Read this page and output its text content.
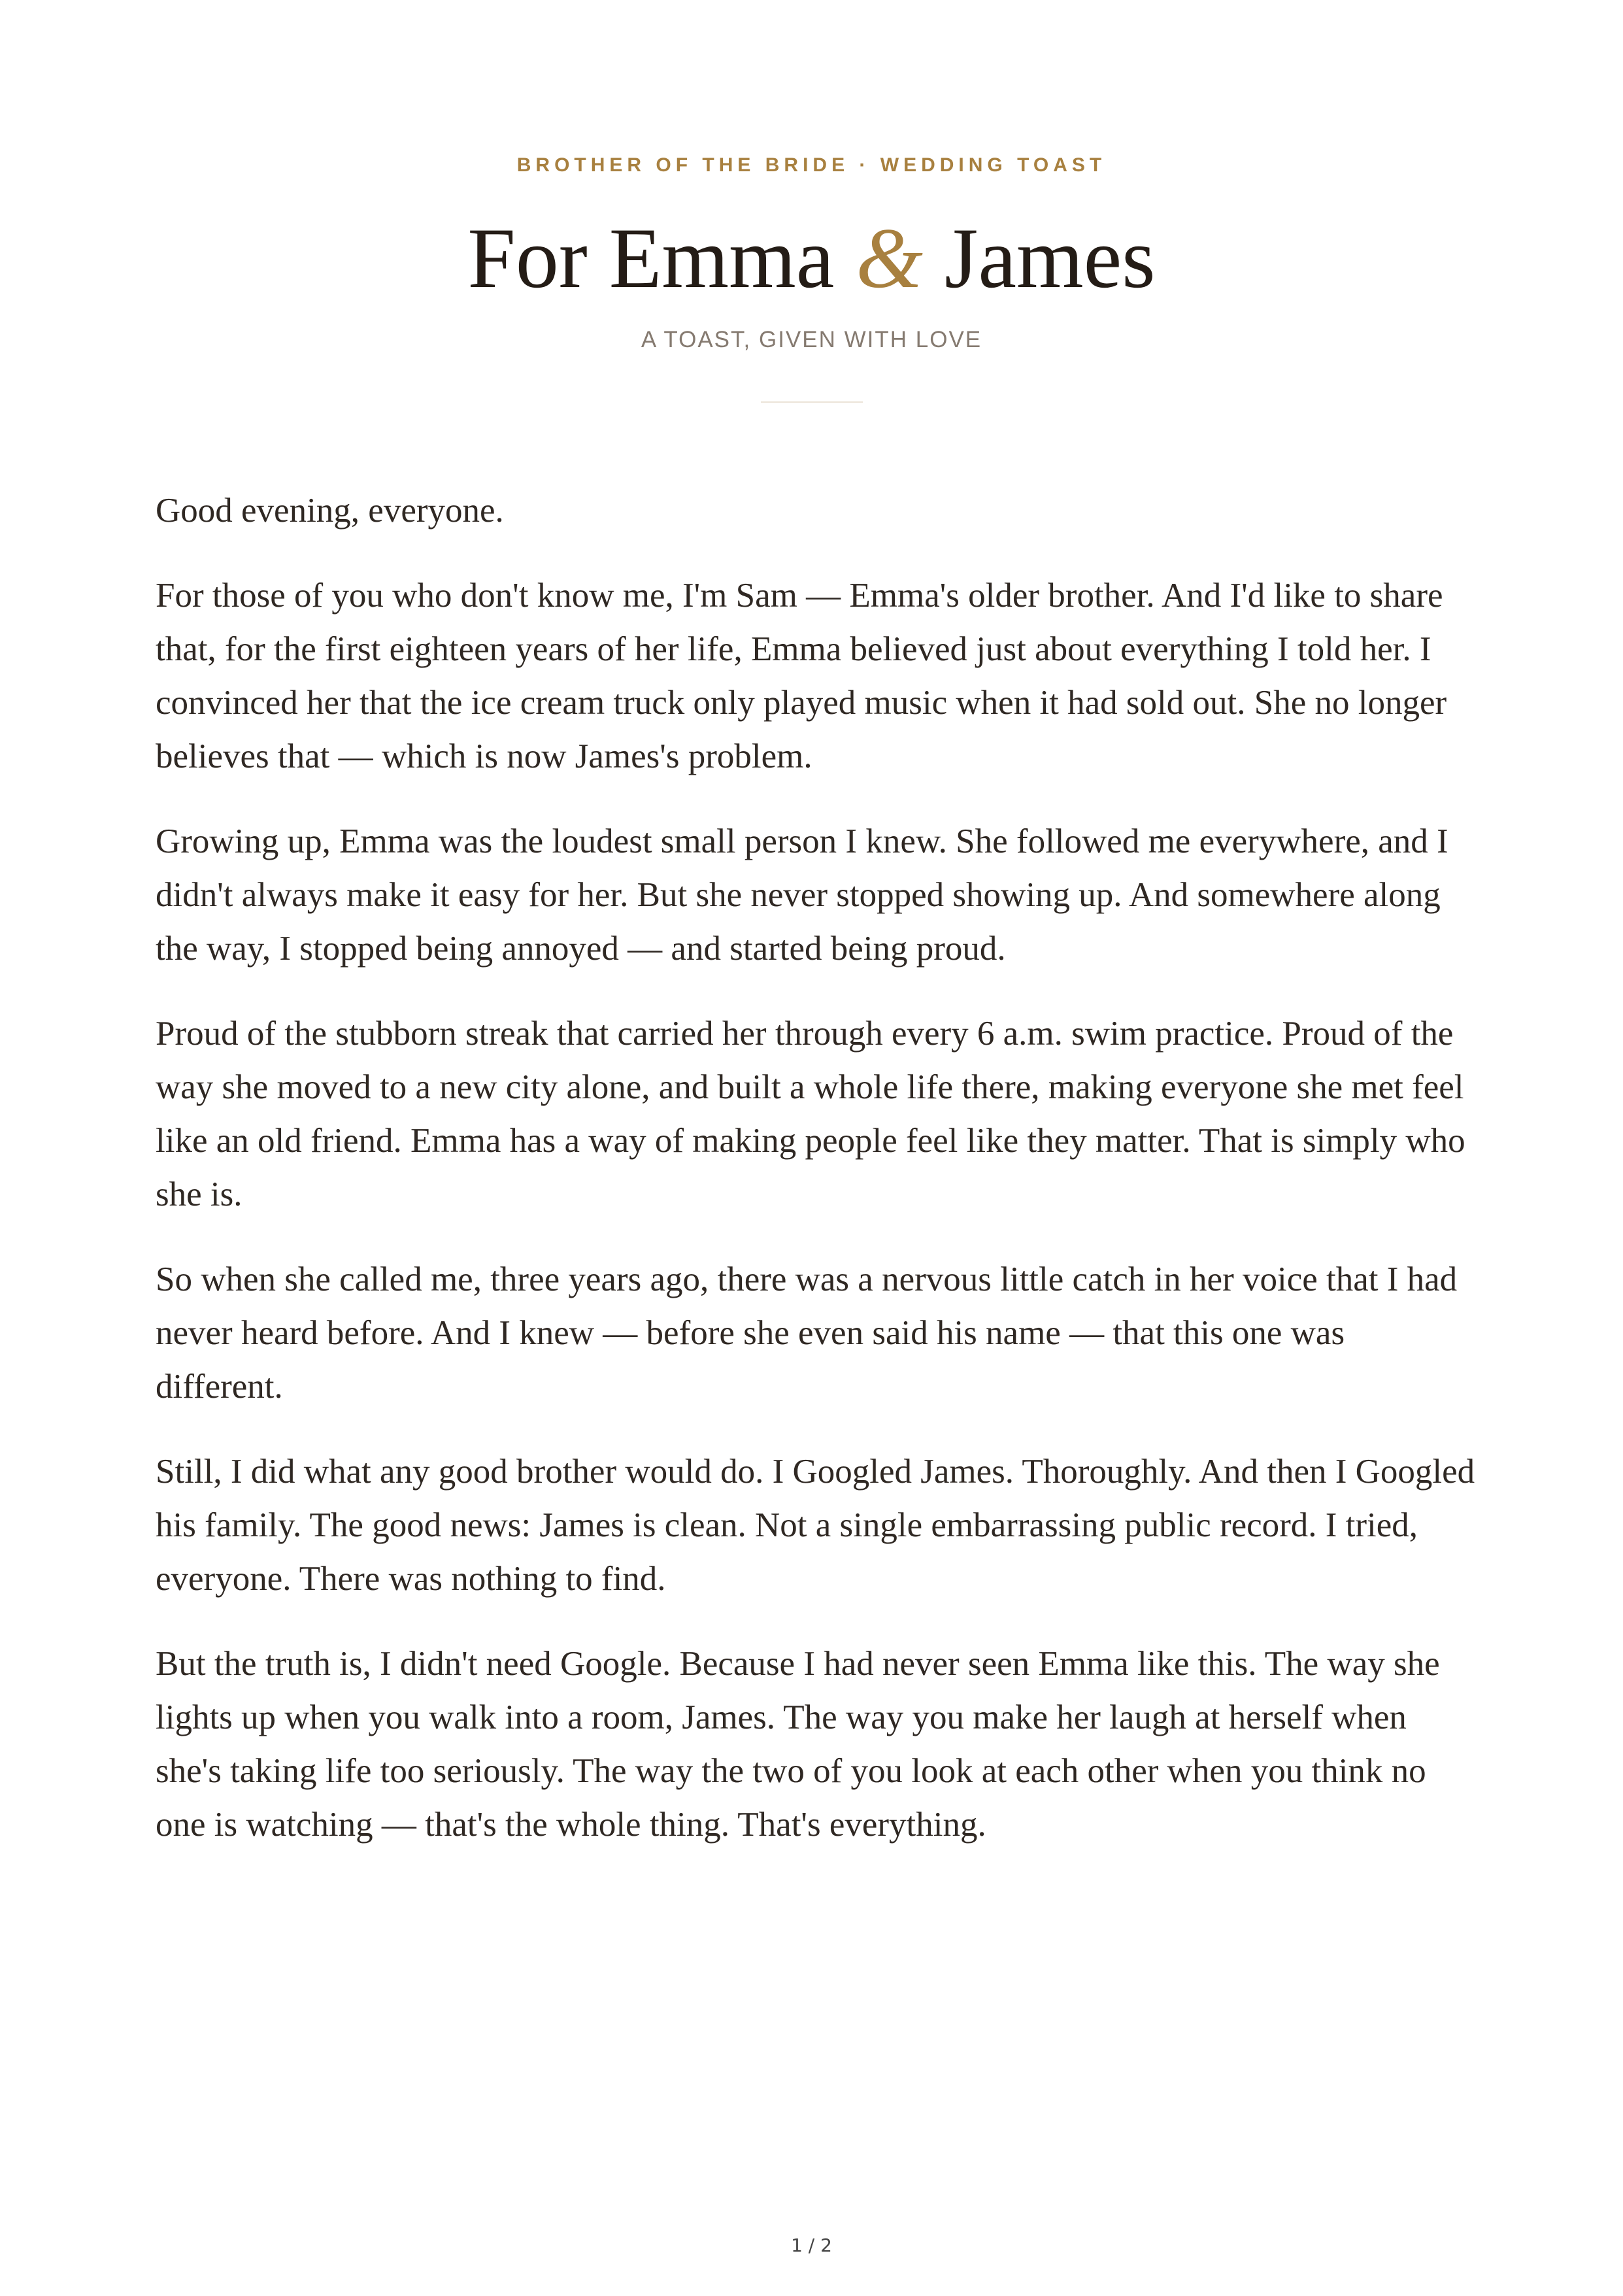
BROTHER OF THE BRIDE · WEDDING TOAST
For Emma & James
A TOAST, GIVEN WITH LOVE

Good evening, everyone.

For those of you who don't know me, I'm Sam — Emma's older brother. And I'd like to share that, for the first eighteen years of her life, Emma believed just about everything I told her. I convinced her that the ice cream truck only played music when it had sold out. She no longer believes that — which is now James's problem.

Growing up, Emma was the loudest small person I knew. She followed me everywhere, and I didn't always make it easy for her. But she never stopped showing up. And somewhere along the way, I stopped being annoyed — and started being proud.

Proud of the stubborn streak that carried her through every 6 a.m. swim practice. Proud of the way she moved to a new city alone, and built a whole life there, making everyone she met feel like an old friend. Emma has a way of making people feel like they matter. That is simply who she is.

So when she called me, three years ago, there was a nervous little catch in her voice that I had never heard before. And I knew — before she even said his name — that this one was different.

Still, I did what any good brother would do. I Googled James. Thoroughly. And then I Googled his family. The good news: James is clean. Not a single embarrassing public record. I tried, everyone. There was nothing to find.

But the truth is, I didn't need Google. Because I had never seen Emma like this. The way she lights up when you walk into a room, James. The way you make her laugh at herself when she's taking life too seriously. The way the two of you look at each other when you think no one is watching — that's the whole thing. That's everything.

1 / 2
